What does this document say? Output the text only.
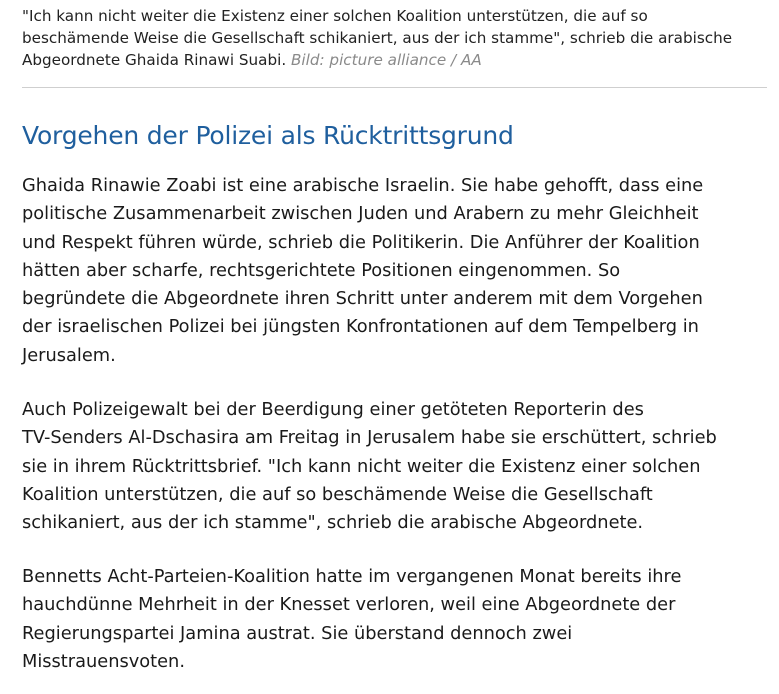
"Ich kann nicht weiter die Existenz einer solchen Koalition unterstützen, die auf so
beschämende Weise die Gesellschaft schikaniert, aus der ich stamme", schrieb die arabische
Abgeordnete Ghaida Rinawi Suabi. Bild: picture alliance / AA

Vorgehen der Polizei als Rücktrittsgrund

Ghaida Rinawie Zoabi ist eine arabische Israelin. Sie habe gehofft, dass eine
politische Zusammenarbeit zwischen Juden und Arabern zu mehr Gleichheit
und Respekt führen würde, schrieb die Politikerin. Die Anführer der Koalition
hätten aber scharfe, rechtsgerichtete Positionen eingenommen. So
begründete die Abgeordnete ihren Schritt unter anderem mit dem Vorgehen
der israelischen Polizei bei jüngsten Konfrontationen auf dem Tempelberg in
Jerusalem.

Auch Polizeigewalt bei der Beerdigung einer getöteten Reporterin des
TV-Senders Al-Dschasira am Freitag in Jerusalem habe sie erschüttert, schrieb
sie in ihrem Rücktrittsbrief. "Ich kann nicht weiter die Existenz einer solchen
Koalition unterstützen, die auf so beschämende Weise die Gesellschaft
schikaniert, aus der ich stamme", schrieb die arabische Abgeordnete.

Bennetts Acht-Parteien-Koalition hatte im vergangenen Monat bereits ihre
hauchdünne Mehrheit in der Knesset verloren, weil eine Abgeordnete der
Regierungspartei Jamina austrat. Sie überstand dennoch zwei
Misstrauensvoten.
